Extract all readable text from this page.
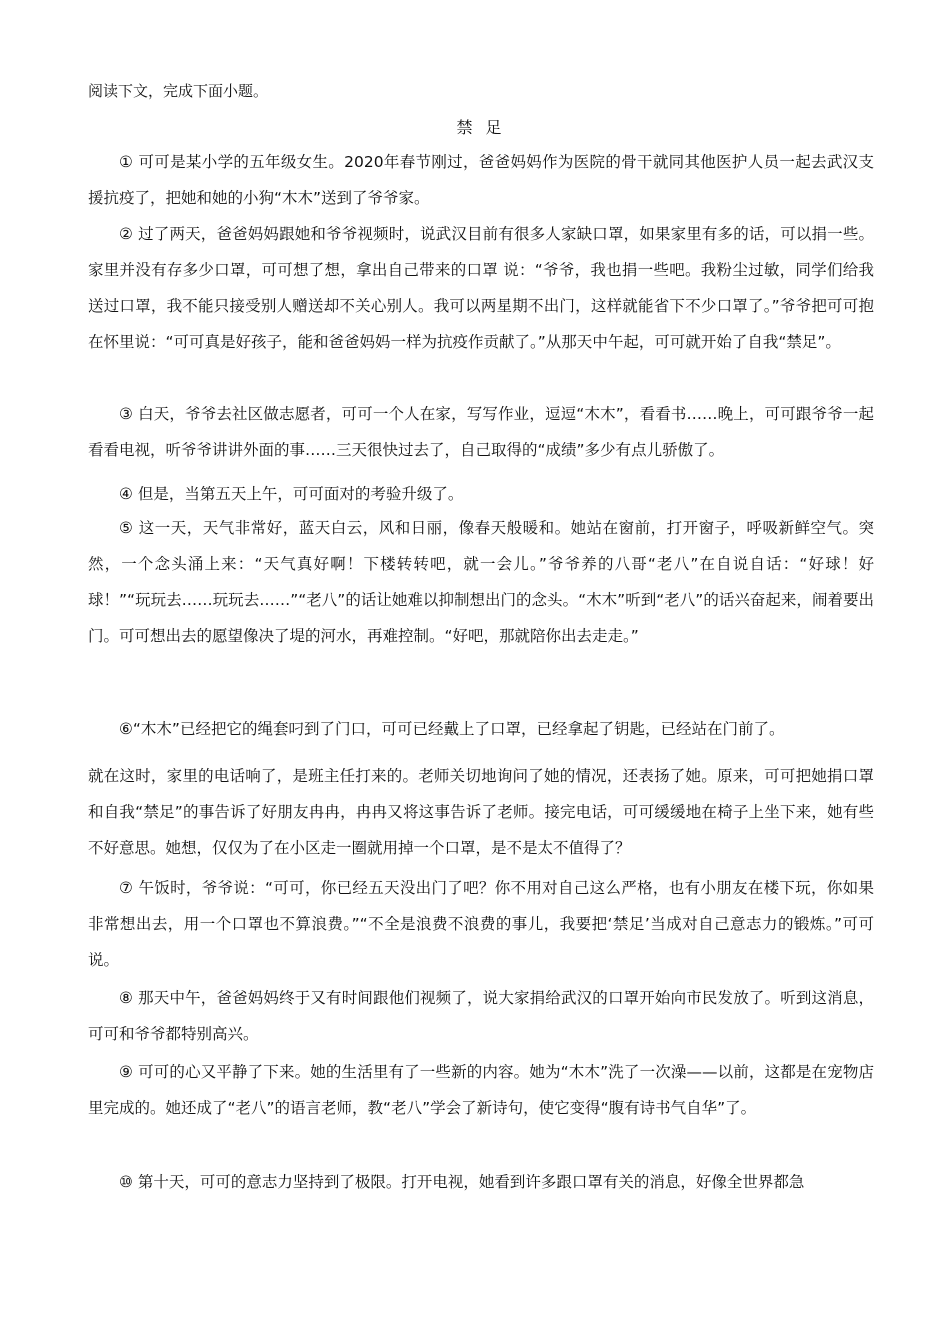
阅读下文，完成下面小题。
禁 足

① 可可是某小学的五年级女生。2020年春节刚过，爸爸妈妈作为医院的骨干就同其他医护人员一起去武汉支援抗疫了，把她和她的小狗“木木”送到了爷爷家。

② 过了两天，爸爸妈妈跟她和爷爷视频时，说武汉目前有很多人家缺口罩，如果家里有多的话，可以捐一些。家里并没有存多少口罩，可可想了想，拿出自己带来的口罩 说：“爷爷，我也捐一些吧。我粉尘过敏，同学们给我送过口罩，我不能只接受别人赠送却不关心别人。我可以两星期不出门，这样就能省下不少口罩了。”爷爷把可可抱在怀里说：“可可真是好孩子，能和爸爸妈妈一样为抗疫作贡献了。”从那天中午起，可可就开始了自我“禁足”。

③ 白天，爷爷去社区做志愿者，可可一个人在家，写写作业，逗逗“木木”，看看书……晚上，可可跟爷爷一起看看电视，听爷爷讲讲外面的事……三天很快过去了，自己取得的“成绩”多少有点儿骄傲了。

④ 但是，当第五天上午，可可面对的考验升级了。

⑤ 这一天，天气非常好，蓝天白云，风和日丽，像春天般暖和。她站在窗前，打开窗子，呼吸新鲜空气。突然，一个念头涌上来：“天气真好啊！下楼转转吧，就一会儿。”爷爷养的八哥“老八”在自说自话：“好球！好球！”“玩玩去……玩玩去……”“老八”的话让她难以抑制想出门的念头。“木木”听到“老八”的话兴奋起来，闹着要出门。可可想出去的愿望像决了堤的河水，再难控制。“好吧，那就陪你出去走走。”

⑥“木木”已经把它的绳套叼到了门口，可可已经戴上了口罩，已经拿起了钥匙，已经站在门前了。

就在这时，家里的电话响了，是班主任打来的。老师关切地询问了她的情况，还表扬了她。原来，可可把她捐口罩和自我“禁足”的事告诉了好朋友冉冉，冉冉又将这事告诉了老师。接完电话，可可缓缓地在椅子上坐下来，她有些不好意思。她想，仅仅为了在小区走一圈就用掉一个口罩，是不是太不值得了？

⑦ 午饭时，爷爷说：“可可，你已经五天没出门了吧？你不用对自己这么严格，也有小朋友在楼下玩，你如果非常想出去，用一个口罩也不算浪费。”“不全是浪费不浪费的事儿，我要把‘禁足’当成对自己意志力的锻炼。”可可说。

⑧ 那天中午，爸爸妈妈终于又有时间跟他们视频了，说大家捐给武汉的口罩开始向市民发放了。听到这消息，可可和爷爷都特别高兴。

⑨ 可可的心又平静了下来。她的生活里有了一些新的内容。她为“木木”洗了一次澡——以前，这都是在宠物店里完成的。她还成了“老八”的语言老师，教“老八”学会了新诗句，使它变得“腹有诗书气自华”了。

⑩ 第十天，可可的意志力坚持到了极限。打开电视，她看到许多跟口罩有关的消息，好像全世界都急
